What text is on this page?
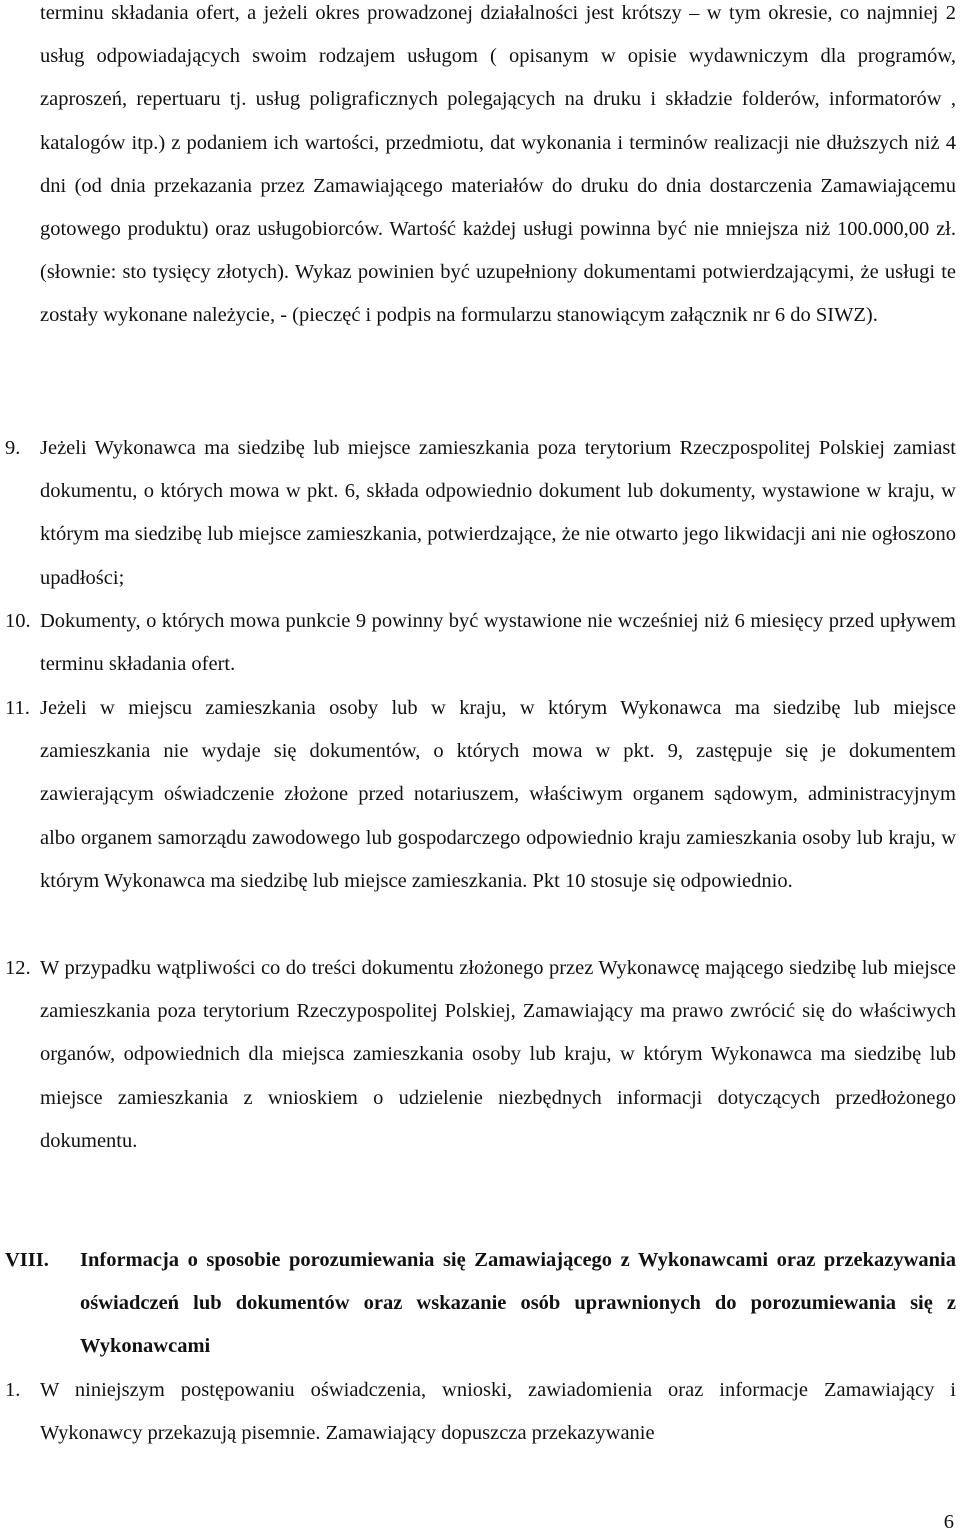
terminu składania ofert, a jeżeli okres prowadzonej działalności jest krótszy – w tym okresie, co najmniej 2 usług odpowiadających swoim rodzajem usługom ( opisanym w opisie wydawniczym dla programów, zaproszeń, repertuaru tj. usług poligraficznych polegających na druku i składzie folderów, informatorów , katalogów itp.) z podaniem ich wartości, przedmiotu, dat wykonania i terminów realizacji nie dłuższych niż 4 dni (od dnia przekazania przez Zamawiającego materiałów do druku do dnia dostarczenia Zamawiającemu gotowego produktu) oraz usługobiorców. Wartość każdej usługi powinna być nie mniejsza niż 100.000,00 zł. (słownie: sto tysięcy złotych). Wykaz powinien być uzupełniony dokumentami potwierdzającymi, że usługi te zostały wykonane należycie, - (pieczęć i podpis na formularzu stanowiącym załącznik nr 6 do SIWZ).
9. Jeżeli Wykonawca ma siedzibę lub miejsce zamieszkania poza terytorium Rzeczpospolitej Polskiej zamiast dokumentu, o których mowa w pkt. 6, składa odpowiednio dokument lub dokumenty, wystawione w kraju, w którym ma siedzibę lub miejsce zamieszkania, potwierdzające, że nie otwarto jego likwidacji ani nie ogłoszono upadłości;
10. Dokumenty, o których mowa punkcie 9 powinny być wystawione nie wcześniej niż 6 miesięcy przed upływem terminu składania ofert.
11. Jeżeli w miejscu zamieszkania osoby lub w kraju, w którym Wykonawca ma siedzibę lub miejsce zamieszkania nie wydaje się dokumentów, o których mowa w pkt. 9, zastępuje się je dokumentem zawierającym oświadczenie złożone przed notariuszem, właściwym organem sądowym, administracyjnym albo organem samorządu zawodowego lub gospodarczego odpowiednio kraju zamieszkania osoby lub kraju, w którym Wykonawca ma siedzibę lub miejsce zamieszkania. Pkt 10 stosuje się odpowiednio.
12. W przypadku wątpliwości co do treści dokumentu złożonego przez Wykonawcę mającego siedzibę lub miejsce zamieszkania poza terytorium Rzeczypospolitej Polskiej, Zamawiający ma prawo zwrócić się do właściwych organów, odpowiednich dla miejsca zamieszkania osoby lub kraju, w którym Wykonawca ma siedzibę lub miejsce zamieszkania z wnioskiem o udzielenie niezbędnych informacji dotyczących przedłożonego dokumentu.
VIII. Informacja o sposobie porozumiewania się Zamawiającego z Wykonawcami oraz przekazywania oświadczeń lub dokumentów oraz wskazanie osób uprawnionych do porozumiewania się z Wykonawcami
1. W niniejszym postępowaniu oświadczenia, wnioski, zawiadomienia oraz informacje Zamawiający i Wykonawcy przekazują pisemnie. Zamawiający dopuszcza przekazywanie
6
